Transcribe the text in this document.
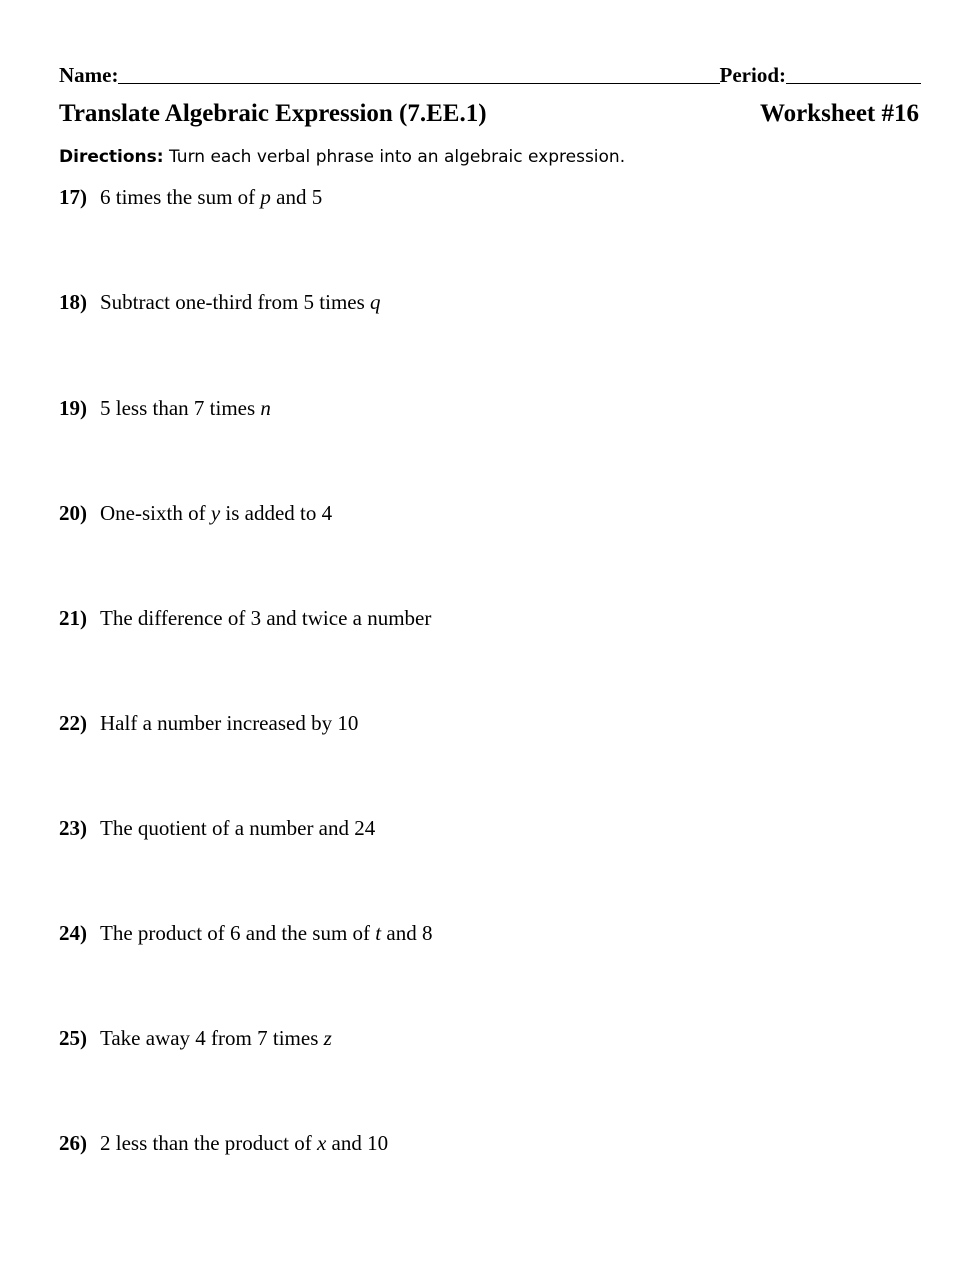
Name:	Period:
Translate Algebraic Expression (7.EE.1)	Worksheet #16
Directions: Turn each verbal phrase into an algebraic expression.
17) 6 times the sum of p and 5
18) Subtract one-third from 5 times q
19) 5 less than 7 times n
20) One-sixth of y is added to 4
21) The difference of 3 and twice a number
22) Half a number increased by 10
23) The quotient of a number and 24
24) The product of 6 and the sum of t and 8
25) Take away 4 from 7 times z
26) 2 less than the product of x and 10
